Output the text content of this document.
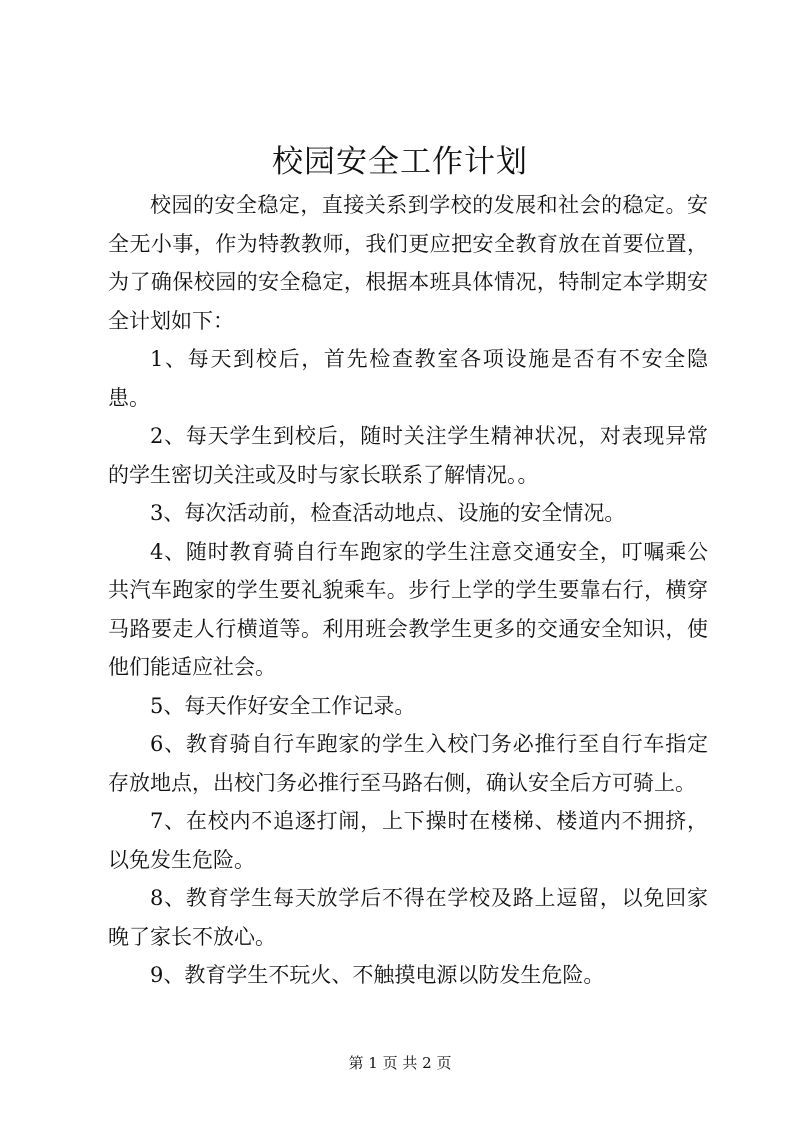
校园安全工作计划

校园的安全稳定，直接关系到学校的发展和社会的稳定。安全无小事，作为特教教师，我们更应把安全教育放在首要位置，为了确保校园的安全稳定，根据本班具体情况，特制定本学期安全计划如下：

1、每天到校后，首先检查教室各项设施是否有不安全隐患。

2、每天学生到校后，随时关注学生精神状况，对表现异常的学生密切关注或及时与家长联系了解情况。。

3、每次活动前，检查活动地点、设施的安全情况。

4、随时教育骑自行车跑家的学生注意交通安全，叮嘱乘公共汽车跑家的学生要礼貌乘车。步行上学的学生要靠右行，横穿马路要走人行横道等。利用班会教学生更多的交通安全知识，使他们能适应社会。

5、每天作好安全工作记录。

6、教育骑自行车跑家的学生入校门务必推行至自行车指定存放地点，出校门务必推行至马路右侧，确认安全后方可骑上。

7、在校内不追逐打闹，上下操时在楼梯、楼道内不拥挤，以免发生危险。

8、教育学生每天放学后不得在学校及路上逗留，以免回家晚了家长不放心。

9、教育学生不玩火、不触摸电源以防发生危险。

第 1 页 共 2 页
